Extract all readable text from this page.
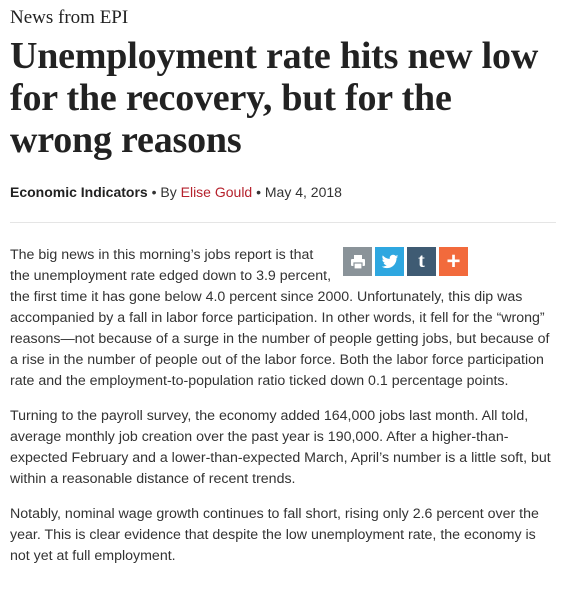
News from EPI
Unemployment rate hits new low for the recovery, but for the wrong reasons
Economic Indicators • By Elise Gould • May 4, 2018
t +

The big news in this morning’s jobs report is that the unemployment rate edged down to 3.9 percent, the first time it has gone below 4.0 percent since 2000. Unfortunately, this dip was accompanied by a fall in labor force participation. In other words, it fell for the “wrong” reasons—not because of a surge in the number of people getting jobs, but because of a rise in the number of people out of the labor force. Both the labor force participation rate and the employment-to-population ratio ticked down 0.1 percentage points.

Turning to the payroll survey, the economy added 164,000 jobs last month. All told, average monthly job creation over the past year is 190,000. After a higher-than-expected February and a lower-than-expected March, April’s number is a little soft, but within a reasonable distance of recent trends.

Notably, nominal wage growth continues to fall short, rising only 2.6 percent over the year. This is clear evidence that despite the low unemployment rate, the economy is not yet at full employment.
